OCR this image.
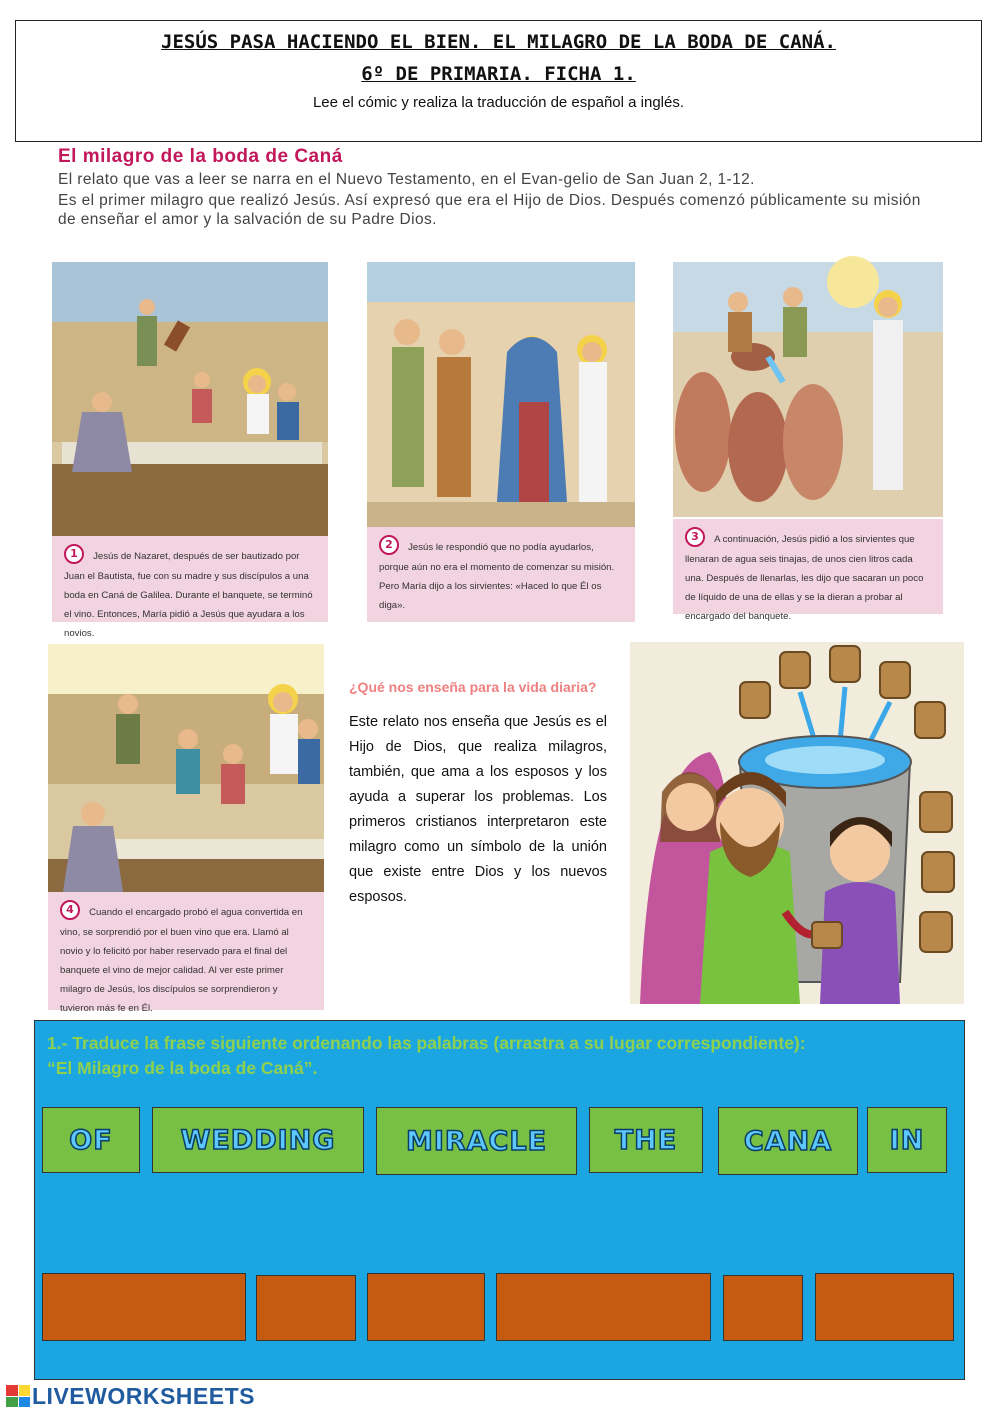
JESÚS PASA HACIENDO EL BIEN. EL MILAGRO DE LA BODA DE CANÁ.
6º DE PRIMARIA. FICHA 1.
Lee el cómic y realiza la traducción de español a inglés.
El milagro de la boda de Caná

El relato que vas a leer se narra en el Nuevo Testamento, en el Evan-gelio de San Juan 2, 1-12.

Es el primer milagro que realizó Jesús. Así expresó que era el Hijo de Dios. Después comenzó públicamente su misión de enseñar el amor y la salvación de su Padre Dios.

1 Jesús de Nazaret, después de ser bautizado por Juan el Bautista, fue con su madre y sus discípulos a una boda en Caná de Galilea. Durante el banquete, se terminó el vino. Entonces, María pidió a Jesús que ayudara a los novios.
2 Jesús le respondió que no podía ayudarlos, porque aún no era el momento de comenzar su misión. Pero María dijo a los sirvientes: «Haced lo que Él os diga».
3 A continuación, Jesús pidió a los sirvientes que llenaran de agua seis tinajas, de unos cien litros cada una. Después de llenarlas, les dijo que sacaran un poco de líquido de una de ellas y se la dieran a probar al encargado del banquete.
4 Cuando el encargado probó el agua convertida en vino, se sorprendió por el buen vino que era. Llamó al novio y lo felicitó por haber reservado para el final del banquete el vino de mejor calidad. Al ver este primer milagro de Jesús, los discípulos se sorprendieron y tuvieron más fe en Él.
¿Qué nos enseña para la vida diaria?
Este relato nos enseña que Jesús es el Hijo de Dios, que realiza milagros, también, que ama a los esposos y los ayuda a superar los problemas. Los primeros cristianos interpretaron este milagro como un símbolo de la unión que existe entre Dios y los nuevos esposos.
1.- Traduce la frase siguiente ordenando las palabras (arrastra a su lugar correspondiente):
“El Milagro de la boda de Caná”.
OF	WEDDING	MIRACLE	THE CANA IN
LIVEWORKSHEETS
